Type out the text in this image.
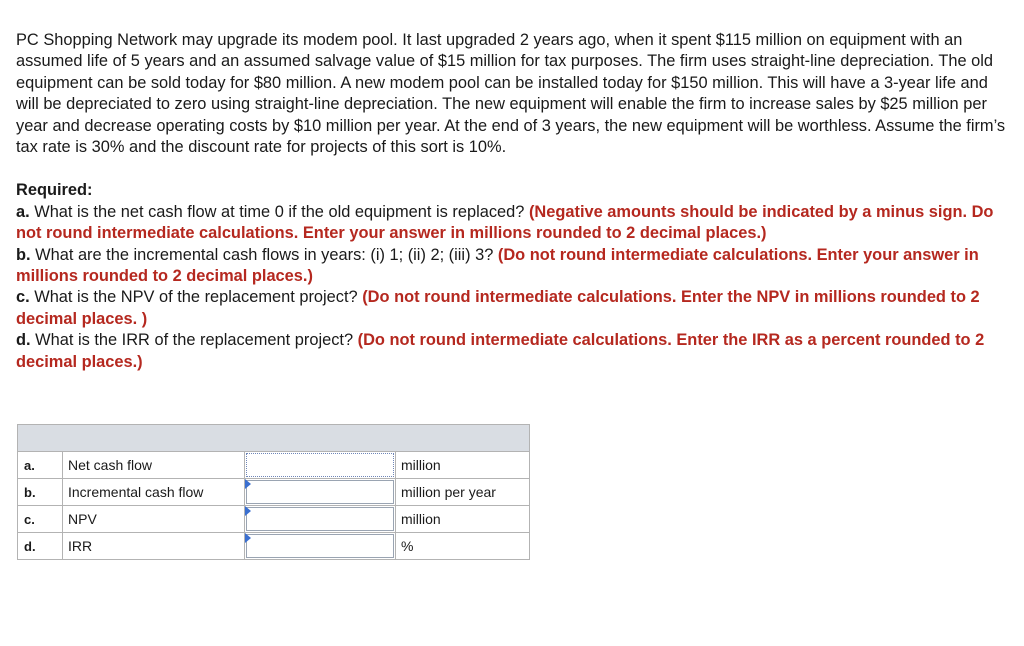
PC Shopping Network may upgrade its modem pool. It last upgraded 2 years ago, when it spent $115 million on equipment with an assumed life of 5 years and an assumed salvage value of $15 million for tax purposes. The firm uses straight-line depreciation. The old equipment can be sold today for $80 million. A new modem pool can be installed today for $150 million. This will have a 3-year life and will be depreciated to zero using straight-line depreciation. The new equipment will enable the firm to increase sales by $25 million per year and decrease operating costs by $10 million per year. At the end of 3 years, the new equipment will be worthless. Assume the firm’s tax rate is 30% and the discount rate for projects of this sort is 10%.

Required:

a. What is the net cash flow at time 0 if the old equipment is replaced? (Negative amounts should be indicated by a minus sign. Do not round intermediate calculations. Enter your answer in millions rounded to 2 decimal places.)

b. What are the incremental cash flows in years: (i) 1; (ii) 2; (iii) 3? (Do not round intermediate calculations. Enter your answer in millions rounded to 2 decimal places.)

c. What is the NPV of the replacement project? (Do not round intermediate calculations. Enter the NPV in millions rounded to 2 decimal places. )

d. What is the IRR of the replacement project? (Do not round intermediate calculations. Enter the IRR as a percent rounded to 2 decimal places.)

a.	Net cash flow		million
b.	Incremental cash flow		million per year
c.	NPV		million
d.	IRR		%
